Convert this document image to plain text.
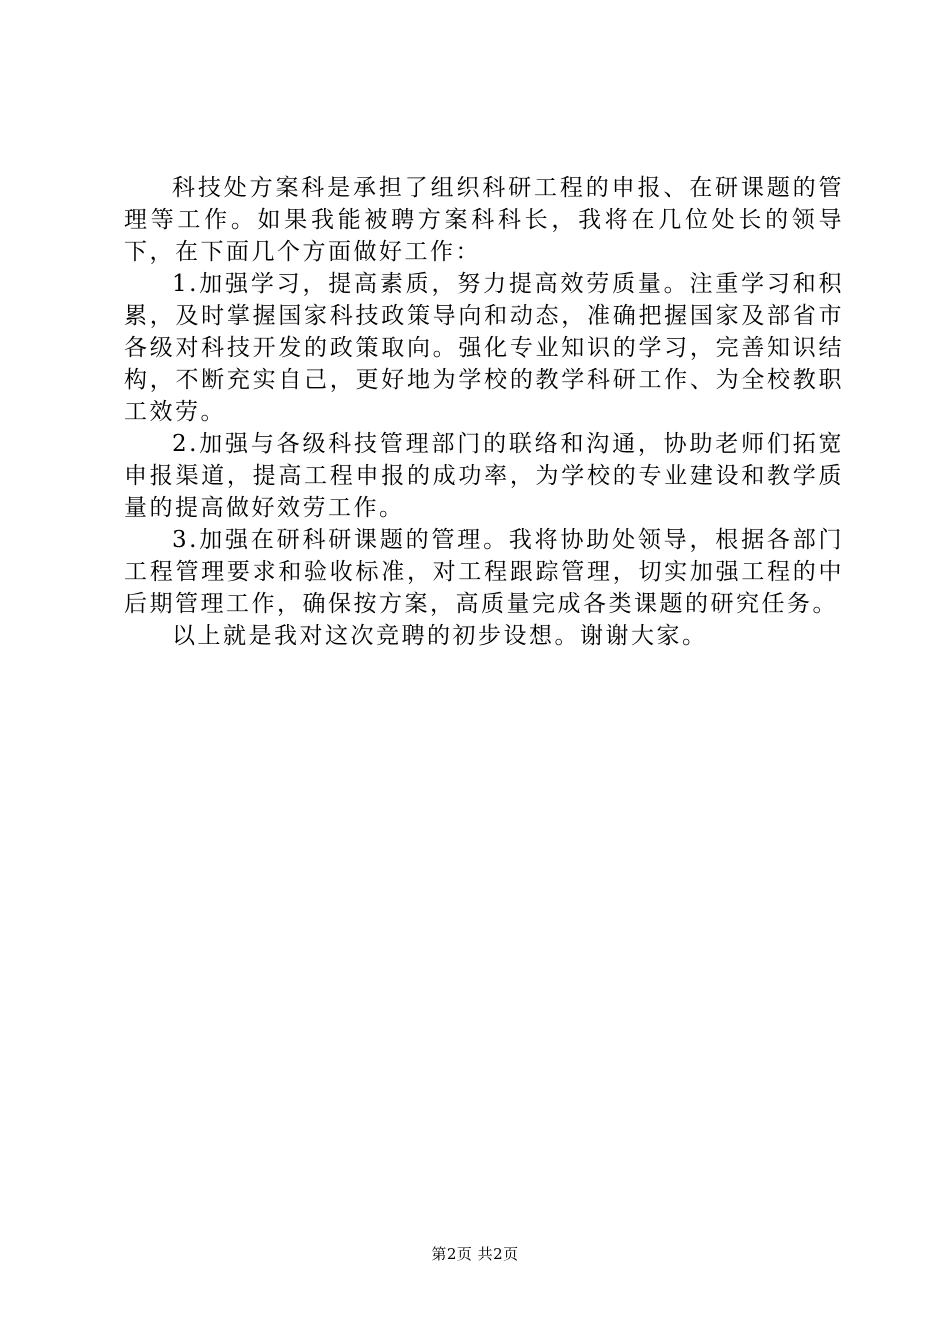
科技处方案科是承担了组织科研工程的申报、在研课题的管理等工作。如果我能被聘方案科科长，我将在几位处长的领导下，在下面几个方面做好工作：

1.加强学习，提高素质，努力提高效劳质量。注重学习和积累，及时掌握国家科技政策导向和动态，准确把握国家及部省市各级对科技开发的政策取向。强化专业知识的学习，完善知识结构，不断充实自己，更好地为学校的教学科研工作、为全校教职工效劳。

2.加强与各级科技管理部门的联络和沟通，协助老师们拓宽申报渠道，提高工程申报的成功率，为学校的专业建设和教学质量的提高做好效劳工作。

3.加强在研科研课题的管理。我将协助处领导，根据各部门工程管理要求和验收标准，对工程跟踪管理，切实加强工程的中后期管理工作，确保按方案，高质量完成各类课题的研究任务。

以上就是我对这次竞聘的初步设想。谢谢大家。

第2页 共2页
